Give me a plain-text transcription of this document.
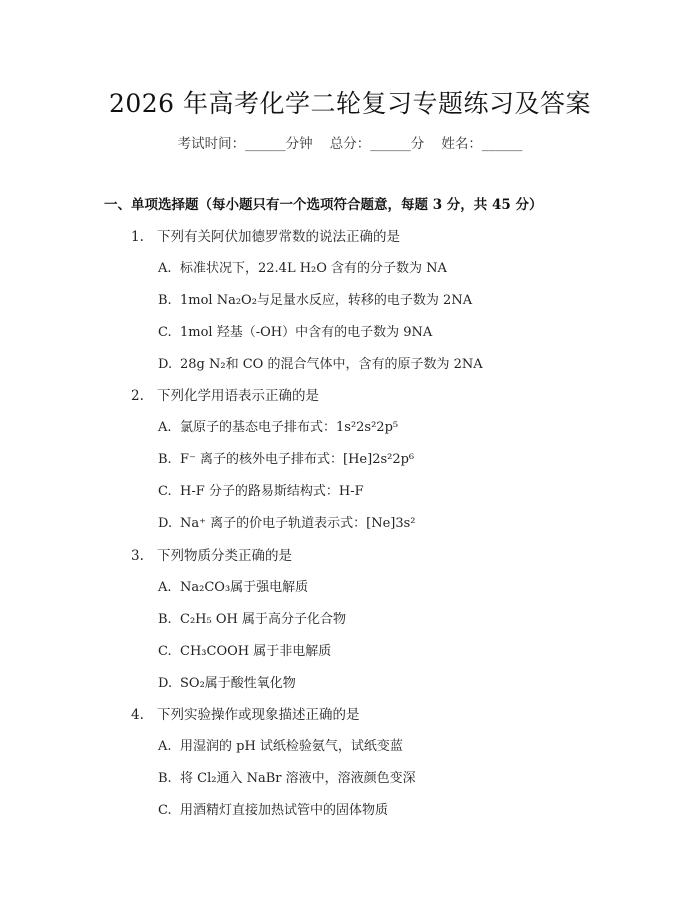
2026 年高考化学二轮复习专题练习及答案
考试时间：______分钟    总分：______分    姓名：______
一、单项选择题（每小题只有一个选项符合题意，每题 3 分，共 45 分）
1. 下列有关阿伏加德罗常数的说法正确的是
A. 标准状况下，22.4L H₂O 含有的分子数为 NA
B. 1mol Na₂O₂与足量水反应，转移的电子数为 2NA
C. 1mol 羟基（-OH）中含有的电子数为 9NA
D. 28g N₂和 CO 的混合气体中，含有的原子数为 2NA
2. 下列化学用语表示正确的是
A. 氯原子的基态电子排布式：1s²2s²2p⁵
B. F⁻ 离子的核外电子排布式：[He]2s²2p⁶
C. H-F 分子的路易斯结构式：H-F
D. Na⁺ 离子的价电子轨道表示式：[Ne]3s²
3. 下列物质分类正确的是
A. Na₂CO₃属于强电解质
B. C₂H₅ OH 属于高分子化合物
C. CH₃COOH 属于非电解质
D. SO₂属于酸性氧化物
4. 下列实验操作或现象描述正确的是
A. 用湿润的 pH 试纸检验氨气，试纸变蓝
B. 将 Cl₂通入 NaBr 溶液中，溶液颜色变深
C. 用酒精灯直接加热试管中的固体物质
